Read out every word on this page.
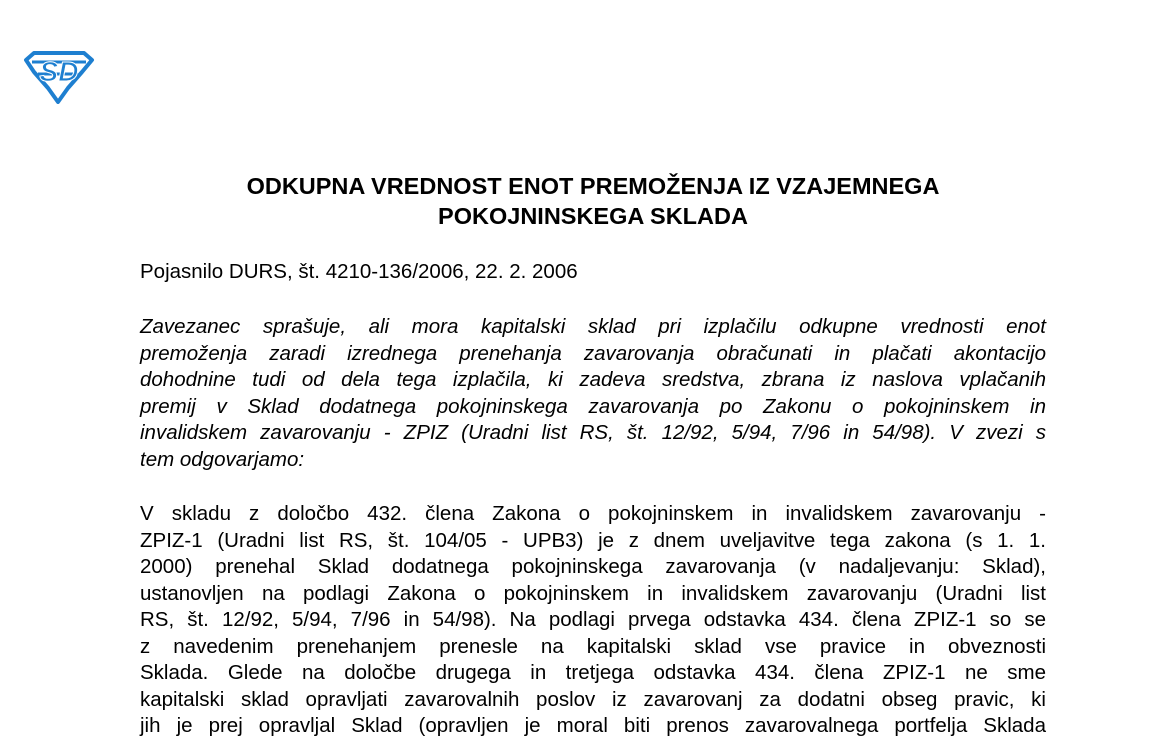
SD
ODKUPNA VREDNOST ENOT PREMOŽENJA IZ VZAJEMNEGA
POKOJNINSKEGA SKLADA

Pojasnilo DURS, št. 4210-136/2006, 22. 2. 2006

Zavezanec sprašuje, ali mora kapitalski sklad pri izplačilu odkupne vrednosti enot
premoženja zaradi izrednega prenehanja zavarovanja obračunati in plačati akontacijo
dohodnine tudi od dela tega izplačila, ki zadeva sredstva, zbrana iz naslova vplačanih
premij v Sklad dodatnega pokojninskega zavarovanja po Zakonu o pokojninskem in
invalidskem zavarovanju - ZPIZ (Uradni list RS, št. 12/92, 5/94, 7/96 in 54/98). V zvezi s
tem odgovarjamo:

V skladu z določbo 432. člena Zakona o pokojninskem in invalidskem zavarovanju -
ZPIZ-1 (Uradni list RS, št. 104/05 - UPB3) je z dnem uveljavitve tega zakona (s 1. 1.
2000) prenehal Sklad dodatnega pokojninskega zavarovanja (v nadaljevanju: Sklad),
ustanovljen na podlagi Zakona o pokojninskem in invalidskem zavarovanju (Uradni list
RS, št. 12/92, 5/94, 7/96 in 54/98). Na podlagi prvega odstavka 434. člena ZPIZ-1 so se
z navedenim prenehanjem prenesle na kapitalski sklad vse pravice in obveznosti
Sklada. Glede na določbe drugega in tretjega odstavka 434. člena ZPIZ-1 ne sme
kapitalski sklad opravljati zavarovalnih poslov iz zavarovanj za dodatni obseg pravic, ki
jih je prej opravljal Sklad (opravljen je moral biti prenos zavarovalnega portfelja Sklada
